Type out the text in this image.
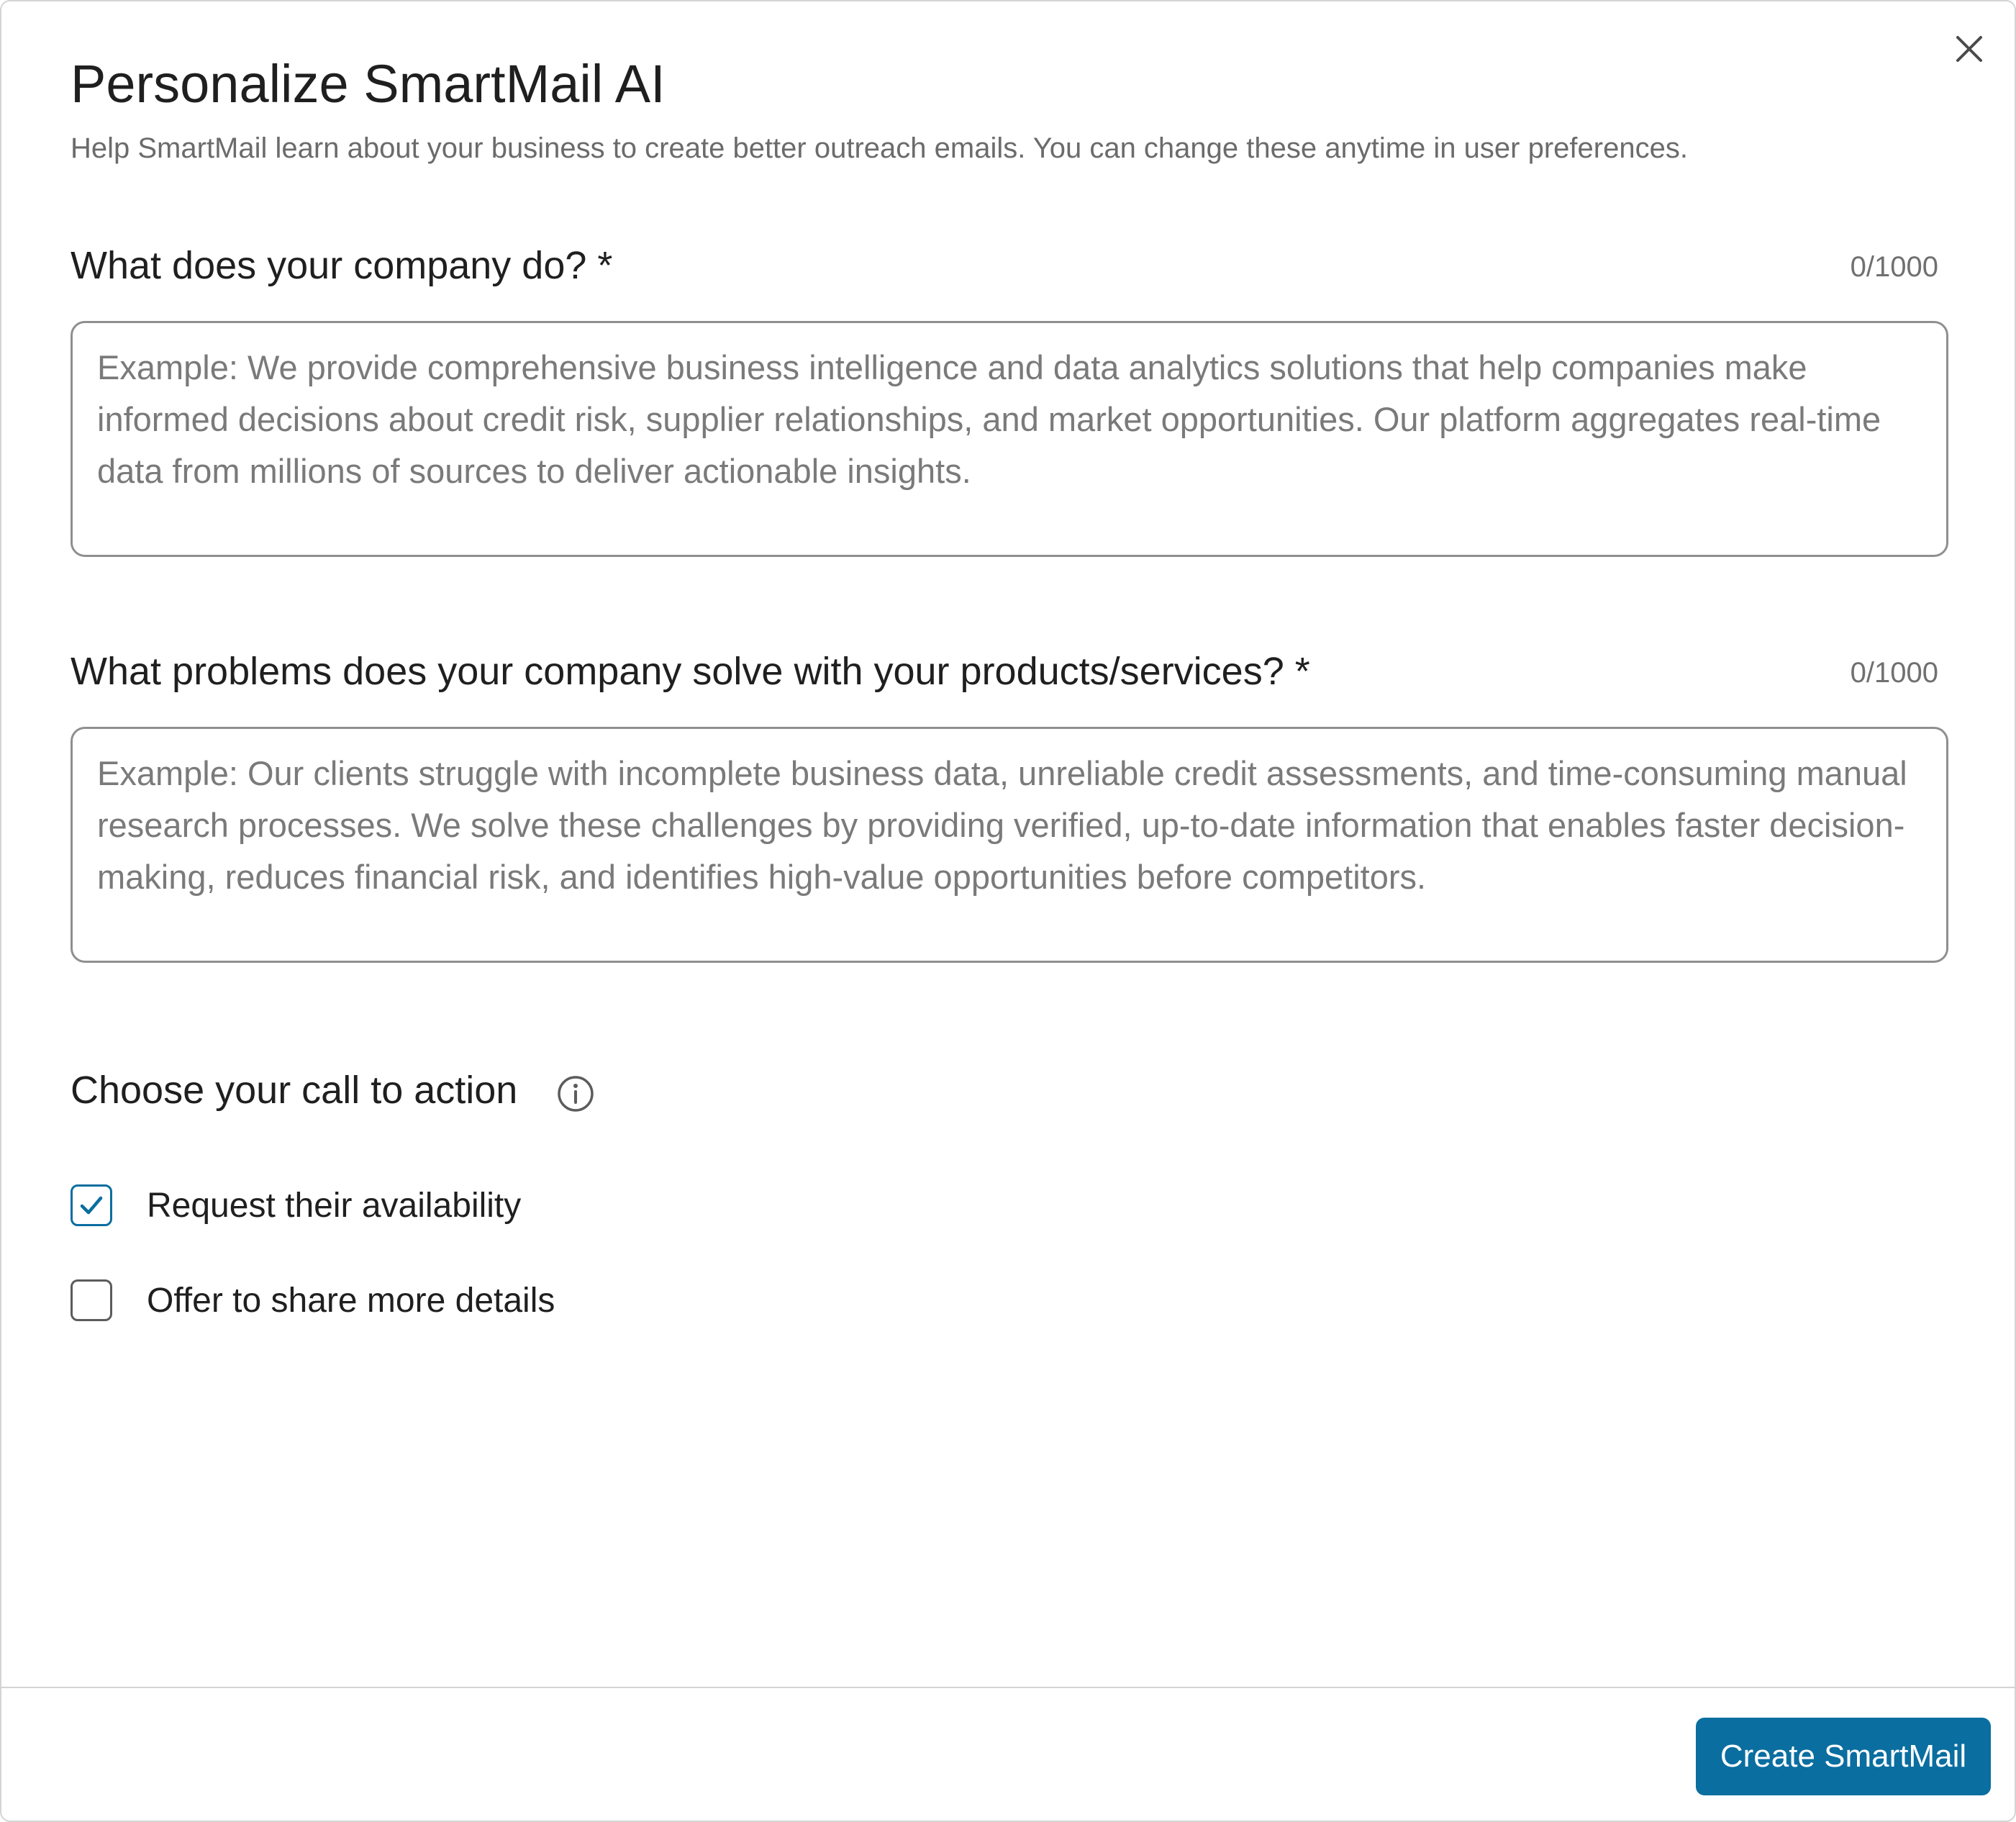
Personalize SmartMail AI
Help SmartMail learn about your business to create better outreach emails. You can change these anytime in user preferences.
What does your company do? *	0/1000
Example: We provide comprehensive business intelligence and data analytics solutions that help companies make informed decisions about credit risk, supplier relationships, and market opportunities. Our platform aggregates real-time data from millions of sources to deliver actionable insights.
What problems does your company solve with your products/services? *	0/1000
Example: Our clients struggle with incomplete business data, unreliable credit assessments, and time-consuming manual research processes. We solve these challenges by providing verified, up-to-date information that enables faster decision-making, reduces financial risk, and identifies high-value opportunities before competitors.
Choose your call to action
Request their availability
Offer to share more details
Create SmartMail
